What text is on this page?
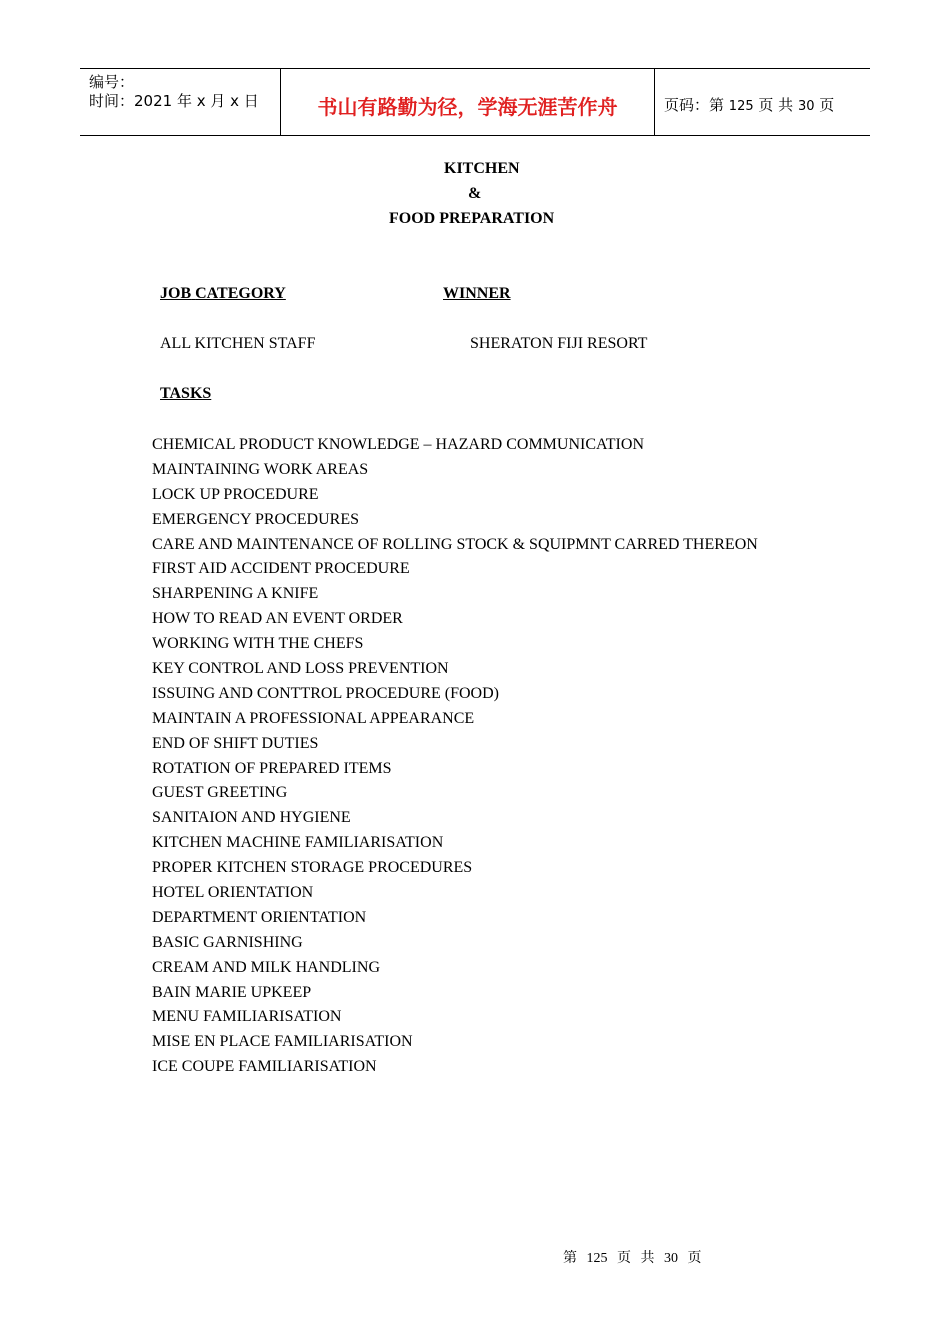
编号：
时间：2021 年 x 月 x 日	书山有路勤为径，学海无涯苦作舟	页码：第 125 页 共 30 页
KITCHEN
&
FOOD PREPARATION
JOB CATEGORY	WINNER
ALL KITCHEN STAFF	SHERATON FIJI RESORT
TASKS
CHEMICAL PRODUCT KNOWLEDGE – HAZARD COMMUNICATION
MAINTAINING WORK AREAS
LOCK UP PROCEDURE
EMERGENCY PROCEDURES
CARE AND MAINTENANCE OF ROLLING STOCK & SQUIPMNT CARRED THEREON
FIRST AID ACCIDENT PROCEDURE
SHARPENING A KNIFE
HOW TO READ AN EVENT ORDER
WORKING WITH THE CHEFS
KEY CONTROL AND LOSS PREVENTION
ISSUING AND CONTTROL PROCEDURE (FOOD)
MAINTAIN A PROFESSIONAL APPEARANCE
END OF SHIFT DUTIES
ROTATION OF PREPARED ITEMS
GUEST GREETING
SANITAION AND HYGIENE
KITCHEN MACHINE FAMILIARISATION
PROPER KITCHEN STORAGE PROCEDURES
HOTEL ORIENTATION
DEPARTMENT ORIENTATION
BASIC GARNISHING
CREAM AND MILK HANDLING
BAIN MARIE UPKEEP
MENU FAMILIARISATION
MISE EN PLACE FAMILIARISATION
ICE COUPE FAMILIARISATION
第 125 页 共 30 页
